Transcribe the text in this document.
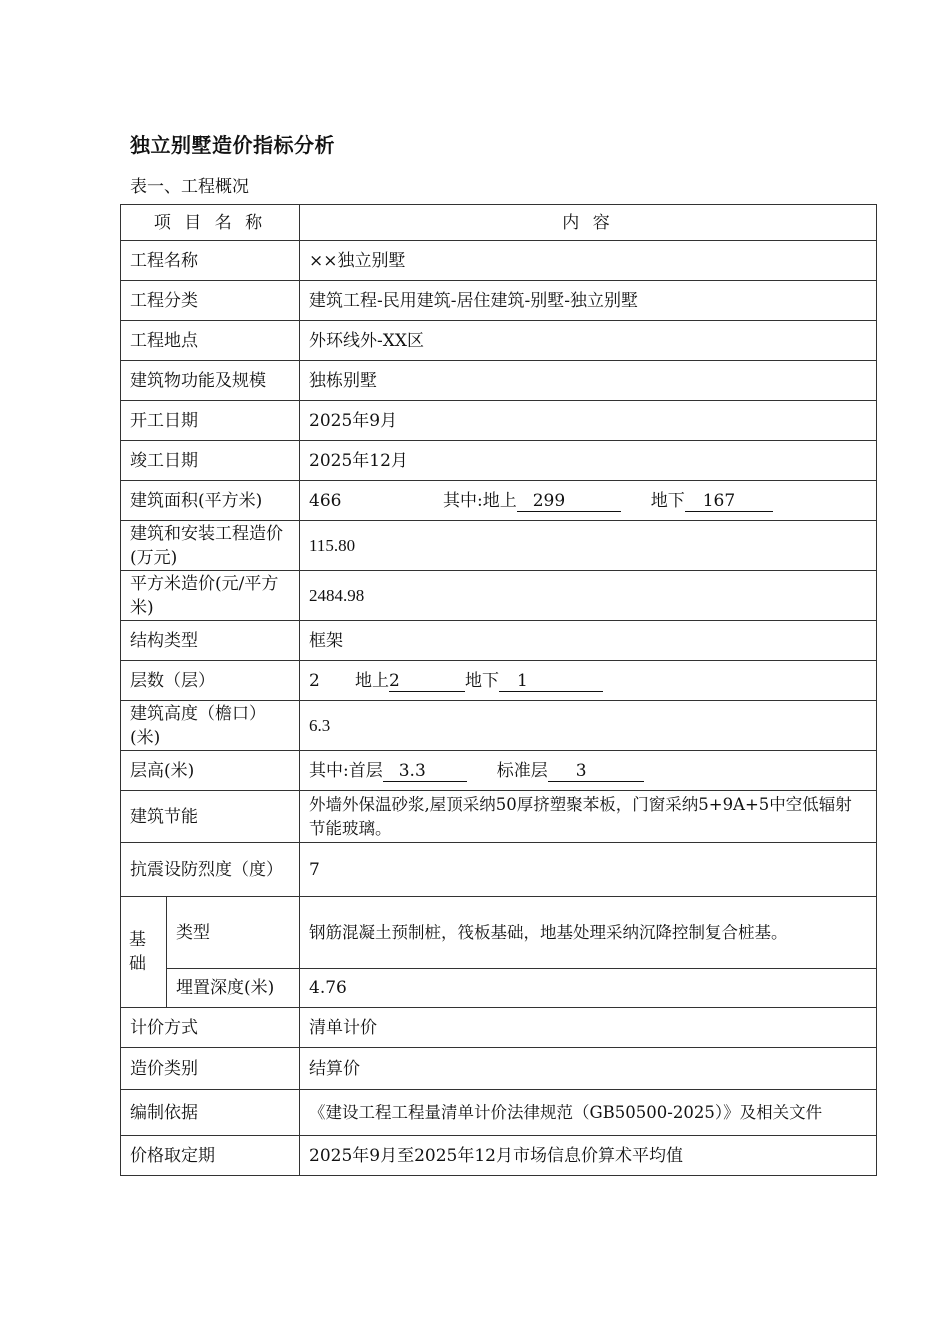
独立别墅造价指标分析
表一、工程概况
项 目 名 称		内 容
工程名称		××独立别墅
工程分类		建筑工程-民用建筑-居住建筑-别墅-独立别墅
工程地点		外环线外-XX区
建筑物功能及规模		独栋别墅
开工日期		2025年9月
竣工日期		2025年12月
建筑面积(平方米)		466 其中:地上 299 地下 167
建筑和安装工程造价(万元)		115.80
平方米造价(元/平方米)		2484.98
结构类型		框架
层数（层）		2 地上2 地下 1
建筑高度（檐口）(米)		6.3
层高(米)		其中:首层 3.3 标准层 3
建筑节能		外墙外保温砂浆,屋顶采纳50厚挤塑聚苯板，门窗采纳5+9A+5中空低辐射节能玻璃。
抗震设防烈度（度）		7
基础	类型	钢筋混凝土预制桩，筏板基础，地基处理采纳沉降控制复合桩基。
	埋置深度(米)	4.76
计价方式		清单计价
造价类别		结算价
编制依据		《建设工程工程量清单计价法律规范（GB50500-2025）》及相关文件
价格取定期		2025年9月至2025年12月市场信息价算术平均值
